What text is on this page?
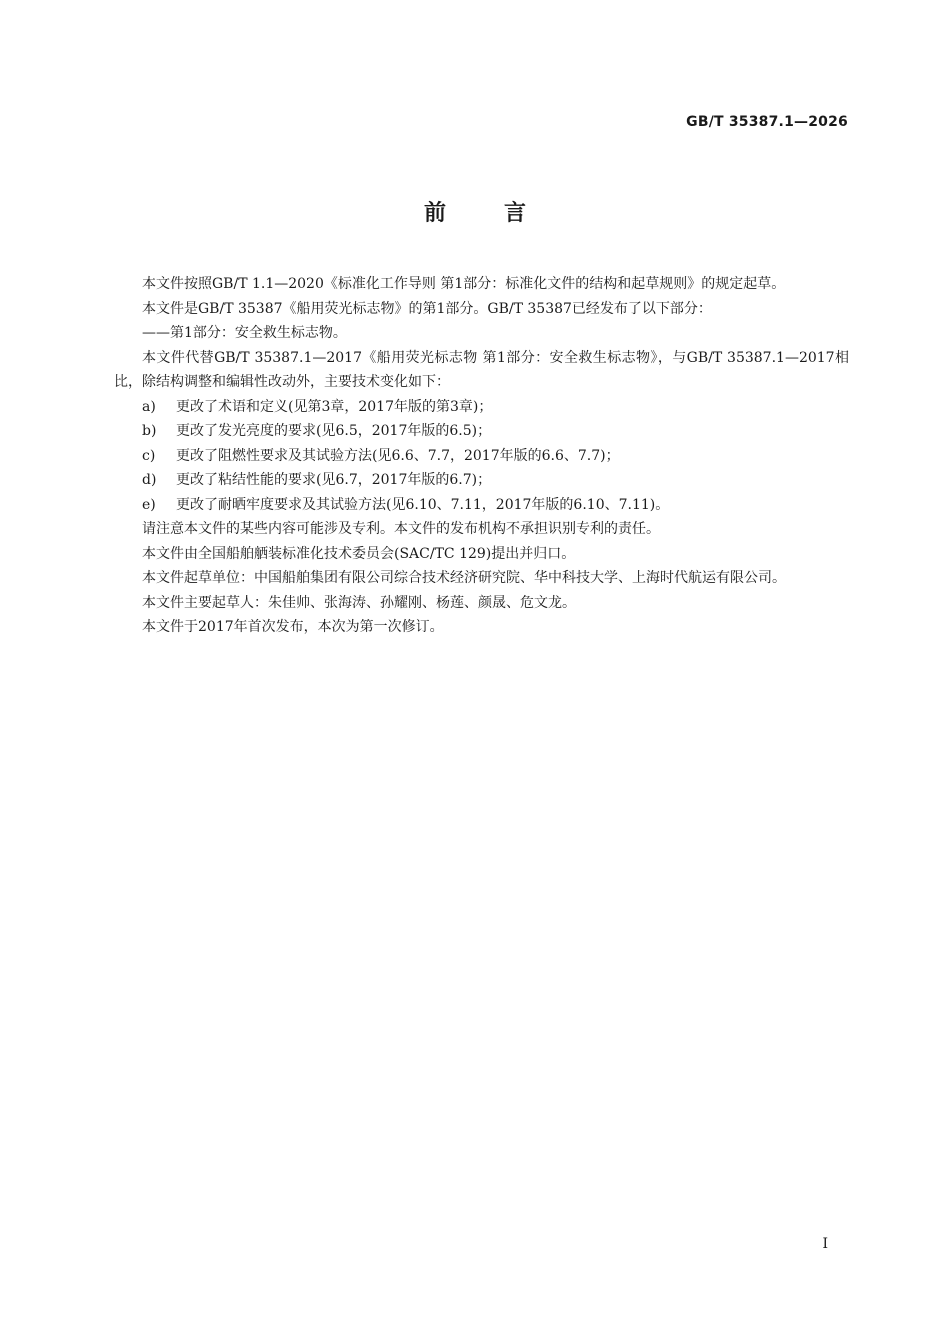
GB/T 35387.1—2026
前言

本文件按照GB/T 1.1—2020《标准化工作导则 第1部分：标准化文件的结构和起草规则》的规定起草。

本文件是GB/T 35387《船用荧光标志物》的第1部分。GB/T 35387已经发布了以下部分：

——第1部分：安全救生标志物。

本文件代替GB/T 35387.1—2017《船用荧光标志物 第1部分：安全救生标志物》，与GB/T 35387.1—2017相比，除结构调整和编辑性改动外，主要技术变化如下：

a)	更改了术语和定义(见第3章，2017年版的第3章)；
b)	更改了发光亮度的要求(见6.5，2017年版的6.5)；
c)	更改了阻燃性要求及其试验方法(见6.6、7.7，2017年版的6.6、7.7)；
d)	更改了粘结性能的要求(见6.7，2017年版的6.7)；
e)	更改了耐晒牢度要求及其试验方法(见6.10、7.11，2017年版的6.10、7.11)。

请注意本文件的某些内容可能涉及专利。本文件的发布机构不承担识别专利的责任。

本文件由全国船舶舾装标准化技术委员会(SAC/TC 129)提出并归口。

本文件起草单位：中国船舶集团有限公司综合技术经济研究院、华中科技大学、上海时代航运有限公司。

本文件主要起草人：朱佳帅、张海涛、孙耀刚、杨莲、颜晟、危文龙。

本文件于2017年首次发布，本次为第一次修订。

I
